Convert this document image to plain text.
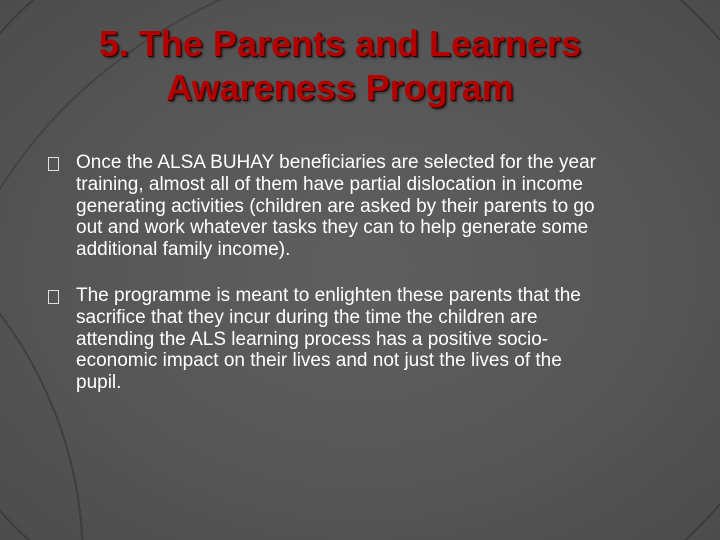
5. The Parents and Learners
Awareness Program
Once the ALSA BUHAY beneficiaries are selected for the year training, almost all of them have partial dislocation in income generating activities (children are asked by their parents to go out and work whatever tasks they can to help generate some additional family income).
The programme is meant to enlighten these parents that the sacrifice that they incur during the time the children are attending the ALS learning process has a positive socio-economic impact on their lives and not just the lives of the pupil.
